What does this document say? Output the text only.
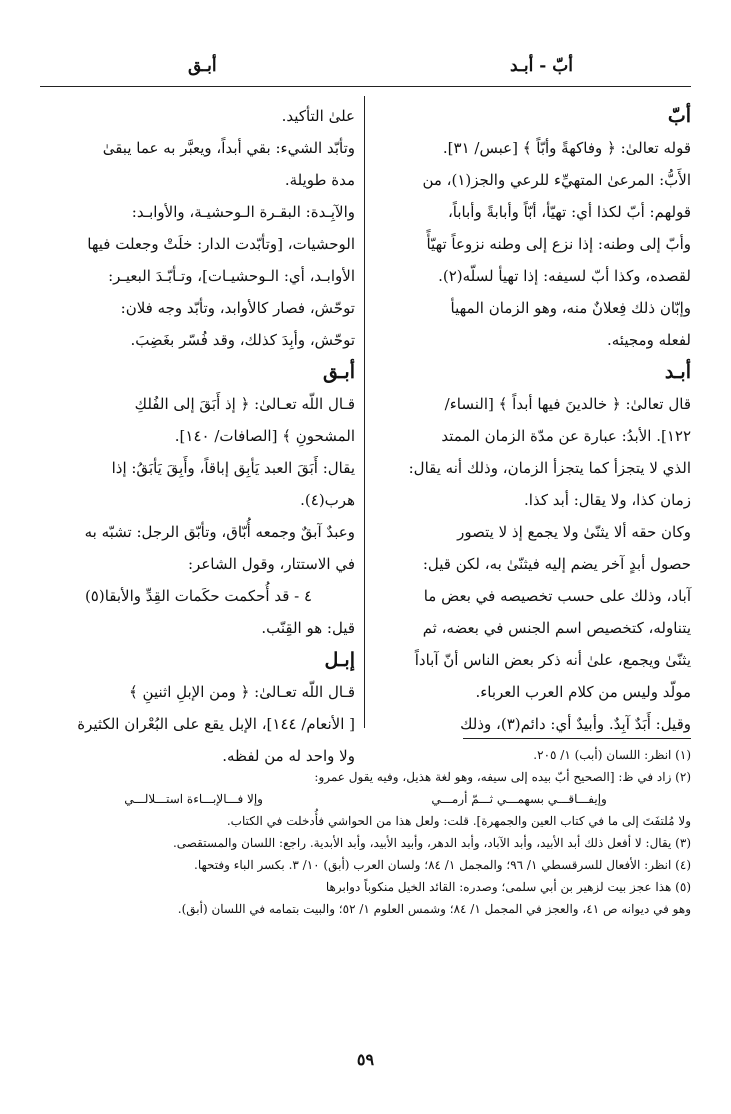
أبّ - أبـد
أبـق
أبّ

قوله تعالىٰ: ﴿ وفاكهةً وأبّاً ﴾ [عبس/ ٣١].

الأَبُّ: المرعىٰ المتهيِّء للرعي والجز(١)، من

قولهم: أبّ لكذا أي: تهيّأ، أبّاً وأبابةً وأباباً،

وأبّ إلى وطنه: إذا نزع إلى وطنه نزوعاً تهيّأً

لقصده، وكذا أبّ لسيفه: إذا تهيأ لسلّه(٢).

وإبّان ذلك فِعلانٌ منه، وهو الزمان المهيأ

لفعله ومجيئه.

أبـد

قال تعالىٰ: ﴿ خالدينَ فيها أبداً ﴾ [النساء/

١٢٢]. الأبدُ: عبارة عن مدّة الزمان الممتد

الذي لا يتجزأ كما يتجزأ الزمان، وذلك أنه يقال:

زمان كذا، ولا يقال: أبد كذا.

وكان حقه ألا يثنّىٰ ولا يجمع إذ لا يتصور

حصول أبدٍ آخر يضم إليه فيثنّىٰ به، لكن قيل:

آباد، وذلك على حسب تخصيصه في بعض ما

يتناوله، كتخصيص اسم الجنس في بعضه، ثم

يثنّىٰ ويجمع، علىٰ أنه ذكر بعض الناس أنّ آباداً

مولّد وليس من كلام العرب العرباء.

وقيل: أَبَدٌ آبِدٌ. وأبيدٌ أي: دائم(٣)، وذلك

علىٰ التأكيد.

وتأبّد الشيء: بقي أبداً، ويعبَّر به عما يبقىٰ

مدة طويلة.

والآبِـدة: البقـرة الـوحشيـة، والأوابـد:

الوحشيات، [وتأبّدت الدار: خلَتْ وجعلت فيها

الأوابـد، أي: الـوحشيـات]، وتـأبّـدَ البعيـر:

توحّش، فصار كالأوابد، وتأبّد وجه فلان:

توحّش، وأبِدَ كذلك، وقد فُسّر بغَضِبَ.

أبـق

قـال اللّه تعـالىٰ: ﴿ إذ أَبَقَ إلى الفُلكِ

المشحونِ ﴾ [الصافات/ ١٤٠].

يقال: أَبَقَ العبد يَأبِق إباقاً، وأَبِقَ يَأبَقُ: إذا

هرب(٤).

وعبدٌ آبقٌ وجمعه أُبّاق، وتأبّق الرجل: تشبّه به

في الاستتار، وقول الشاعر:

٤ - قد أُحكمت حكَمات القِدِّ والأبقا(٥)

قيل: هو القِنّب.

إبـل

قـال اللّه تعـالىٰ: ﴿ ومن الإبلِ اثنينِ ﴾

[ الأنعام/ ١٤٤]، الإبل يقع على البُعْران الكثيرة

ولا واحد له من لفظه.	(١) انظر: اللسان (أبب) ١/ ٢٠٥.

(٢) زاد في ظ: [الصحيح أبّ بيده إلى سيفه، وهو لغة هذيل، وفيه يقول عمرو:

وإيفـــاقـــي بسهمـــي ثـــمّ أرمـــي
وإلا فـــالإبـــاءة استـــلالـــي

ولا مُلتفَتَ إلى ما في كتاب العين والجمهرة]. قلت: ولعل هذا من الحواشي فأُدخلت في الكتاب.

(٣) يقال: لا أفعل ذلك أبد الأبيد، وأبد الآباد، وأبد الدهر، وأبيد الأبيد، وأبد الأبدية. راجع: اللسان والمستقصى.

(٤) انظر: الأفعال للسرقسطي ١/ ٩٦؛ والمجمل ١/ ٨٤؛ ولسان العرب (أبق) ١٠/ ٣. بكسر الباء وفتحها.

(٥) هذا عجز بيت لزهير بن أبي سلمى؛ وصدره: القائد الخيل منكوباً دوابرها

وهو في ديوانه ص ٤١، والعجز في المجمل ١/ ٨٤؛ وشمس العلوم ١/ ٥٢؛ والبيت بتمامه في اللسان (أبق).

٥٩
